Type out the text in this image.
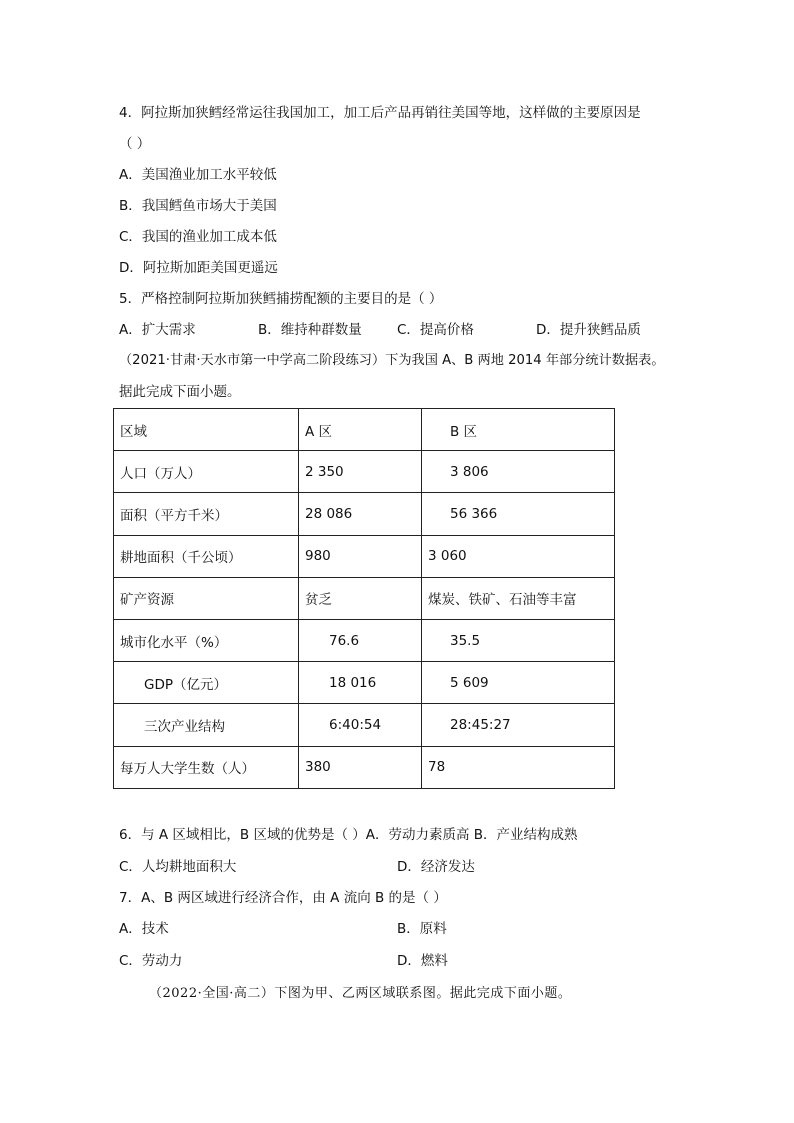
4．阿拉斯加狭鳕经常运往我国加工，加工后产品再销往美国等地，这样做的主要原因是
（ ）
A．美国渔业加工水平较低
B．我国鳕鱼市场大于美国
C．我国的渔业加工成本低
D．阿拉斯加距美国更遥远
5．严格控制阿拉斯加狭鳕捕捞配额的主要目的是（ ）
A．扩大需求	B．维持种群数量	C．提高价格	D．提升狭鳕品质
（2021·甘肃·天水市第一中学高二阶段练习）下为我国 A、B 两地 2014 年部分统计数据表。
据此完成下面小题。
区域	A 区	B 区
人口（万人）	2 350	3 806
面积（平方千米）	28 086	56 366
耕地面积（千公顷）	980	3 060
矿产资源	贫乏	煤炭、铁矿、石油等丰富
城市化水平（%）	76.6	35.5
GDP（亿元）	18 016	5 609
三次产业结构	6:40:54	28:45:27
每万人大学生数（人）	380	78
6．与 A 区域相比，B 区域的优势是（ ）A．劳动力素质高 B．产业结构成熟
C．人均耕地面积大	D．经济发达
7．A、B 两区域进行经济合作，由 A 流向 B 的是（ ）
A．技术	B．原料
C．劳动力	D．燃料
（2022·全国·高二）下图为甲、乙两区域联系图。据此完成下面小题。
